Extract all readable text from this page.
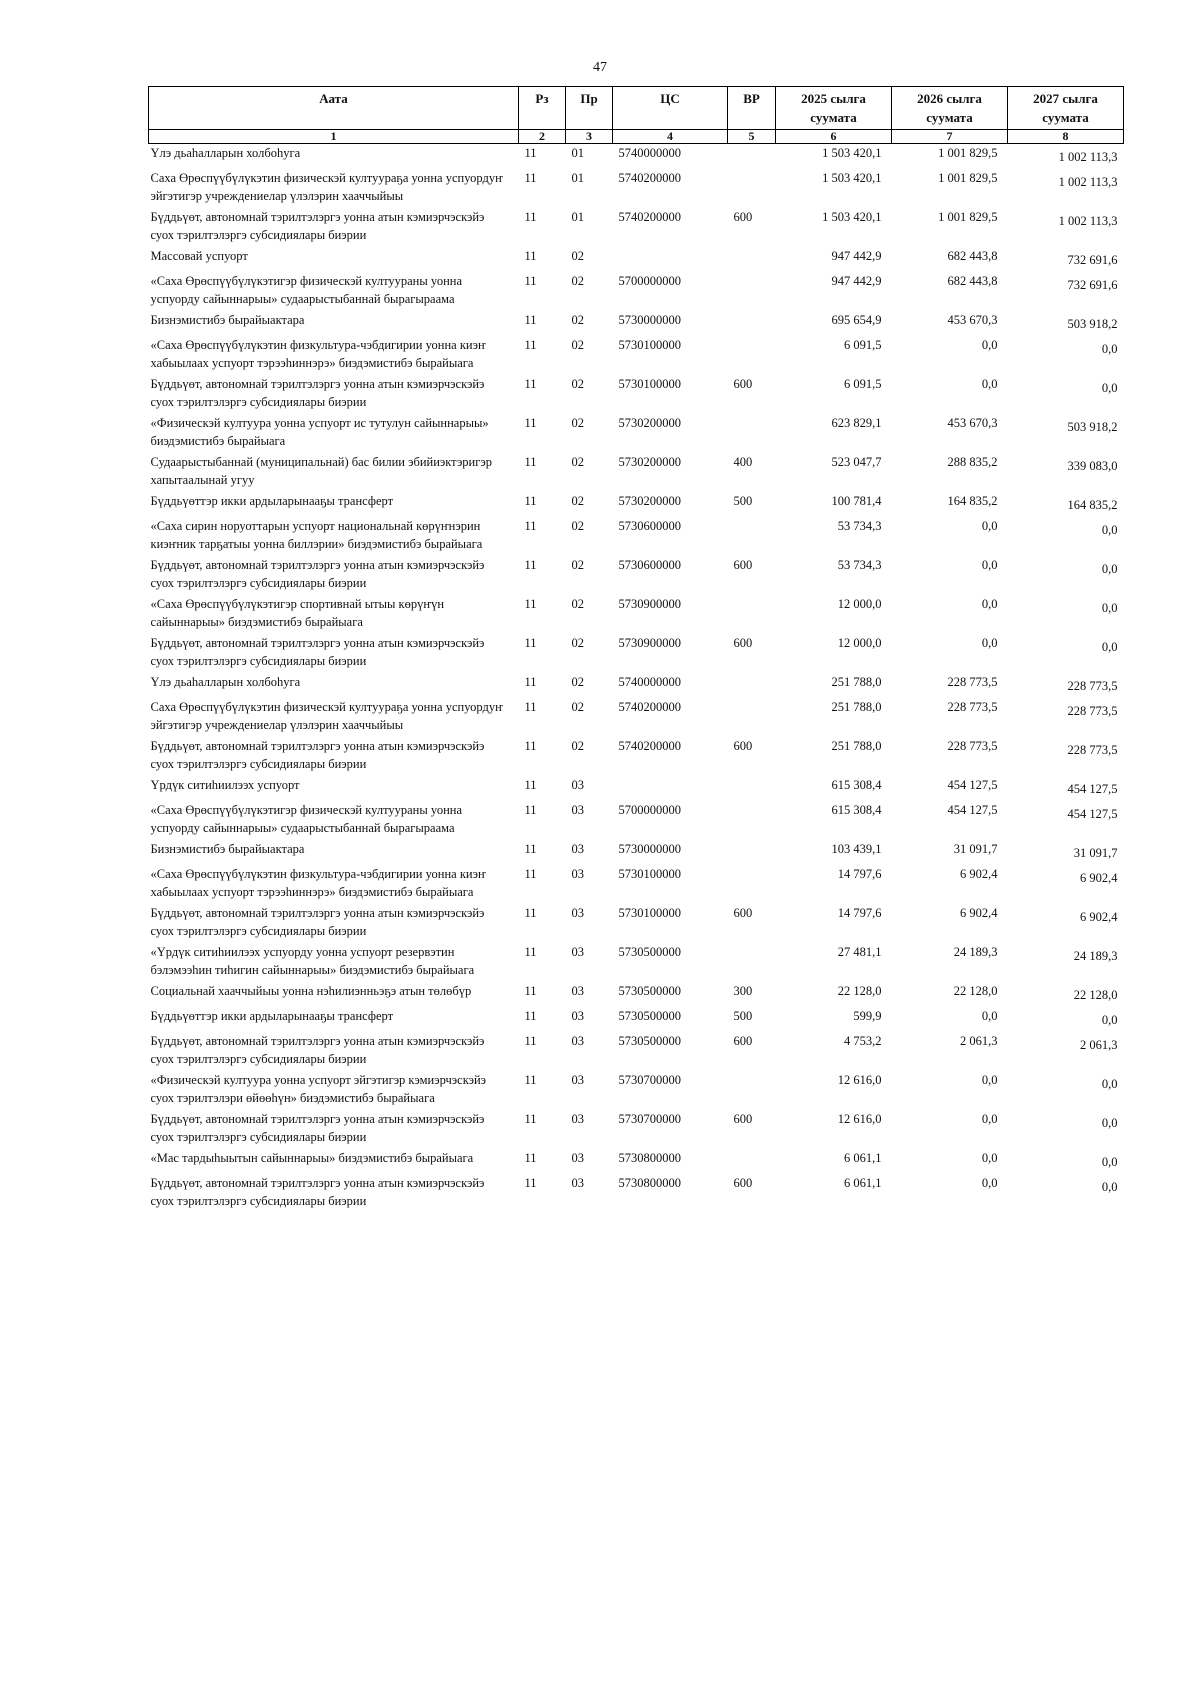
47
Аата	Рз	Пр	ЦС	ВР	2025 сылга суумата	2026 сылга суумата	2027 сылга суумата
1	2	3	4	5	6	7	8
Үлэ дьаһалларын холбоһуга	11	01	5740000000		1 503 420,1	1 001 829,5	1 002 113,3
Саха Өрөспүүбүлүкэтин физическэй култуураҕа уонна успуордуҥ эйгэтигэр учреждениелар үлэлэрин хааччыйыы	11	01	5740200000		1 503 420,1	1 001 829,5	1 002 113,3
Бүддьүөт, автономнай тэрилтэлэргэ уонна атын кэмиэрчэскэйэ суох тэрилтэлэргэ субсидиялары биэрии	11	01	5740200000	600	1 503 420,1	1 001 829,5	1 002 113,3
Массовай успуорт	11	02			947 442,9	682 443,8	732 691,6
«Саха Өрөспүүбүлүкэтигэр физическэй култуураны уонна успуорду сайыннарыы» судаарыстыбаннай бырагыраама	11	02	5700000000		947 442,9	682 443,8	732 691,6
Бизнэмистибэ бырайыактара	11	02	5730000000		695 654,9	453 670,3	503 918,2
«Саха Өрөспүүбүлүкэтин физкультура-чэбдигирии уонна киэҥ хабыылаах успуорт тэрээһиннэрэ» биэдэмистибэ бырайыага	11	02	5730100000		6 091,5	0,0	0,0
Бүддьүөт, автономнай тэрилтэлэргэ уонна атын кэмиэрчэскэйэ суох тэрилтэлэргэ субсидиялары биэрии	11	02	5730100000	600	6 091,5	0,0	0,0
«Физическэй култуура уонна успуорт ис тутулун сайыннарыы» биэдэмистибэ бырайыага	11	02	5730200000		623 829,1	453 670,3	503 918,2
Судаарыстыбаннай (муниципальнай) бас билии эбийиэктэригэр хапытаалынай угуу	11	02	5730200000	400	523 047,7	288 835,2	339 083,0
Бүддьүөттэр икки ардыларынааҕы трансферт	11	02	5730200000	500	100 781,4	164 835,2	164 835,2
«Саха сирин норуоттарын успуорт национальнай көрүҥнэрин киэҥник тарҕатыы уонна биллэрии» биэдэмистибэ бырайыага	11	02	5730600000		53 734,3	0,0	0,0
Бүддьүөт, автономнай тэрилтэлэргэ уонна атын кэмиэрчэскэйэ суох тэрилтэлэргэ субсидиялары биэрии	11	02	5730600000	600	53 734,3	0,0	0,0
«Саха Өрөспүүбүлүкэтигэр спортивнай ытыы көрүҥүн сайыннарыы» биэдэмистибэ бырайыага	11	02	5730900000		12 000,0	0,0	0,0
Бүддьүөт, автономнай тэрилтэлэргэ уонна атын кэмиэрчэскэйэ суох тэрилтэлэргэ субсидиялары биэрии	11	02	5730900000	600	12 000,0	0,0	0,0
Үлэ дьаһалларын холбоһуга	11	02	5740000000		251 788,0	228 773,5	228 773,5
Саха Өрөспүүбүлүкэтин физическэй култуураҕа уонна успуордуҥ эйгэтигэр учреждениелар үлэлэрин хааччыйыы	11	02	5740200000		251 788,0	228 773,5	228 773,5
Бүддьүөт, автономнай тэрилтэлэргэ уонна атын кэмиэрчэскэйэ суох тэрилтэлэргэ субсидиялары биэрии	11	02	5740200000	600	251 788,0	228 773,5	228 773,5
Үрдүк ситиһиилээх успуорт	11	03			615 308,4	454 127,5	454 127,5
«Саха Өрөспүүбүлүкэтигэр физическэй култуураны уонна успуорду сайыннарыы» судаарыстыбаннай бырагыраама	11	03	5700000000		615 308,4	454 127,5	454 127,5
Бизнэмистибэ бырайыактара	11	03	5730000000		103 439,1	31 091,7	31 091,7
«Саха Өрөспүүбүлүкэтин физкультура-чэбдигирии уонна киэҥ хабыылаах успуорт тэрээһиннэрэ» биэдэмистибэ бырайыага	11	03	5730100000		14 797,6	6 902,4	6 902,4
Бүддьүөт, автономнай тэрилтэлэргэ уонна атын кэмиэрчэскэйэ суох тэрилтэлэргэ субсидиялары биэрии	11	03	5730100000	600	14 797,6	6 902,4	6 902,4
«Үрдүк ситиһиилээх успуорду уонна успуорт резервэтин бэлэмээһин тиһигин сайыннарыы» биэдэмистибэ бырайыага	11	03	5730500000		27 481,1	24 189,3	24 189,3
Социальнай хааччыйыы уонна нэһилиэнньэҕэ атын төлөбүр	11	03	5730500000	300	22 128,0	22 128,0	22 128,0
Бүддьүөттэр икки ардыларынааҕы трансферт	11	03	5730500000	500	599,9	0,0	0,0
Бүддьүөт, автономнай тэрилтэлэргэ уонна атын кэмиэрчэскэйэ суох тэрилтэлэргэ субсидиялары биэрии	11	03	5730500000	600	4 753,2	2 061,3	2 061,3
«Физическэй култуура уонна успуорт эйгэтигэр кэмиэрчэскэйэ суох тэрилтэлэри өйөөһүн» биэдэмистибэ бырайыага	11	03	5730700000		12 616,0	0,0	0,0
Бүддьүөт, автономнай тэрилтэлэргэ уонна атын кэмиэрчэскэйэ суох тэрилтэлэргэ субсидиялары биэрии	11	03	5730700000	600	12 616,0	0,0	0,0
«Мас тардыһыытын сайыннарыы» биэдэмистибэ бырайыага	11	03	5730800000		6 061,1	0,0	0,0
Бүддьүөт, автономнай тэрилтэлэргэ уонна атын кэмиэрчэскэйэ суох тэрилтэлэргэ субсидиялары биэрии	11	03	5730800000	600	6 061,1	0,0	0,0
